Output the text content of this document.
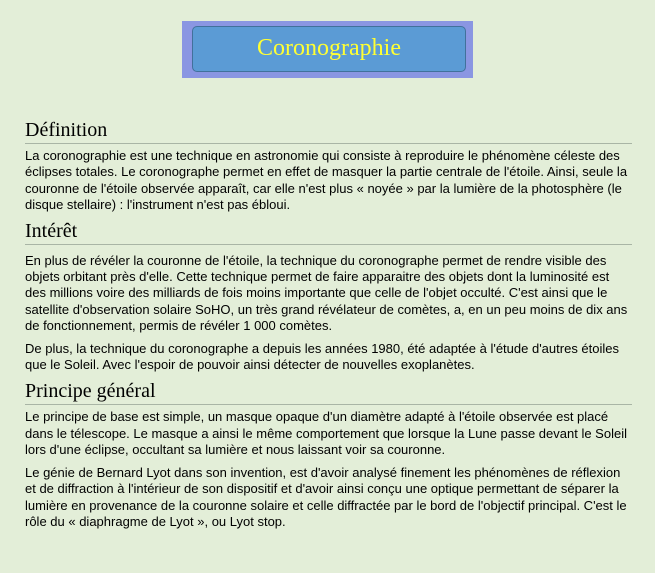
Coronographie
Définition

La coronographie est une technique en astronomie qui consiste à reproduire le phénomène céleste des éclipses totales. Le coronographe permet en effet de masquer la partie centrale de l'étoile. Ainsi, seule la couronne de l'étoile observée apparaît, car elle n'est plus « noyée » par la lumière de la photosphère (le disque stellaire) : l'instrument n'est pas ébloui.

Intérêt

En plus de révéler la couronne de l'étoile, la technique du coronographe permet de rendre visible des objets orbitant près d'elle. Cette technique permet de faire apparaitre des objets dont la luminosité est des millions voire des milliards de fois moins importante que celle de l'objet occulté. C'est ainsi que le satellite d'observation solaire SoHO, un très grand révélateur de comètes, a, en un peu moins de dix ans de fonctionnement, permis de révéler 1 000 comètes.

De plus, la technique du coronographe a depuis les années 1980, été adaptée à l'étude d'autres étoiles que le Soleil. Avec l'espoir de pouvoir ainsi détecter de nouvelles exoplanètes.

Principe général

Le principe de base est simple, un masque opaque d'un diamètre adapté à l'étoile observée est placé dans le télescope. Le masque a ainsi le même comportement que lorsque la Lune passe devant le Soleil lors d'une éclipse, occultant sa lumière et nous laissant voir sa couronne.

Le génie de Bernard Lyot dans son invention, est d'avoir analysé finement les phénomènes de réflexion et de diffraction à l'intérieur de son dispositif et d'avoir ainsi conçu une optique permettant de séparer la lumière en provenance de la couronne solaire et celle diffractée par le bord de l'objectif principal. C'est le rôle du « diaphragme de Lyot », ou Lyot stop.
